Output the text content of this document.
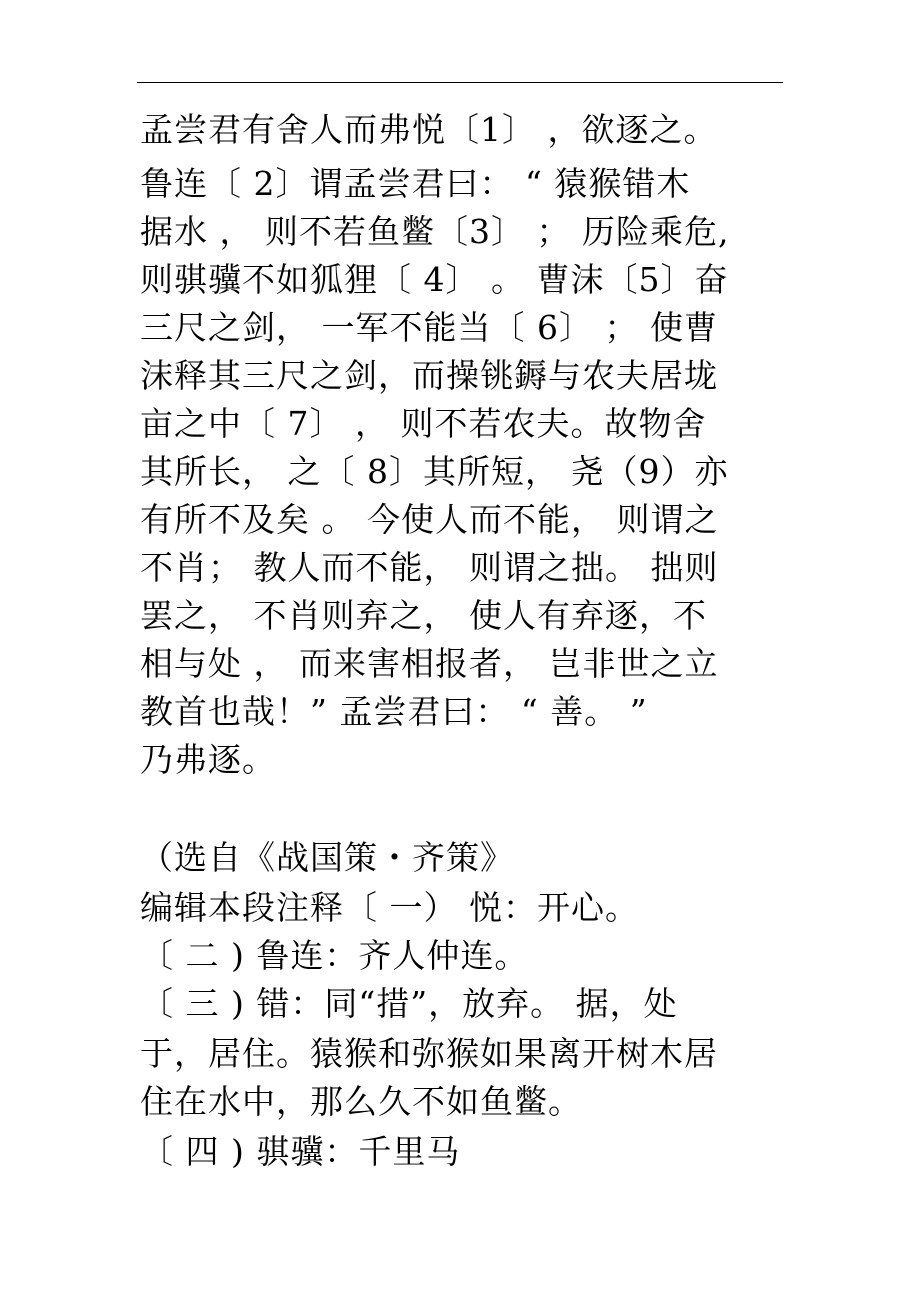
孟尝君有舍人而弗悦〔1〕 ，欲逐之。
鲁连〔 2〕谓孟尝君曰： “ 猿猴错木
据水 ， 则不若鱼鳖〔3〕 ； 历险乘危,
则骐骥不如狐狸〔 4〕 。 曹沫〔5〕奋
三尺之剑， 一军不能当〔 6〕 ； 使曹
沫释其三尺之剑，而操铫鎒与农夫居垅
亩之中〔 7〕 ， 则不若农夫。故物舍
其所长， 之〔 8〕其所短， 尧（9）亦
有所不及矣 。 今使人而不能， 则谓之
不肖； 教人而不能， 则谓之拙。 拙则
罢之， 不肖则弃之， 使人有弃逐，不
相与处 ， 而来害相报者， 岂非世之立
教首也哉！” 孟尝君曰： “ 善。 ”
乃弗逐。
（选自《战国策・齐策》
编辑本段注释〔 一） 悦：开心。
〔 二 ) 鲁连：齐人仲连。
〔 三 ) 错：同“措”，放弃。 据，处
于，居住。猿猴和弥猴如果离开树木居
住在水中，那么久不如鱼鳖。
〔 四 ) 骐骥：千里马
